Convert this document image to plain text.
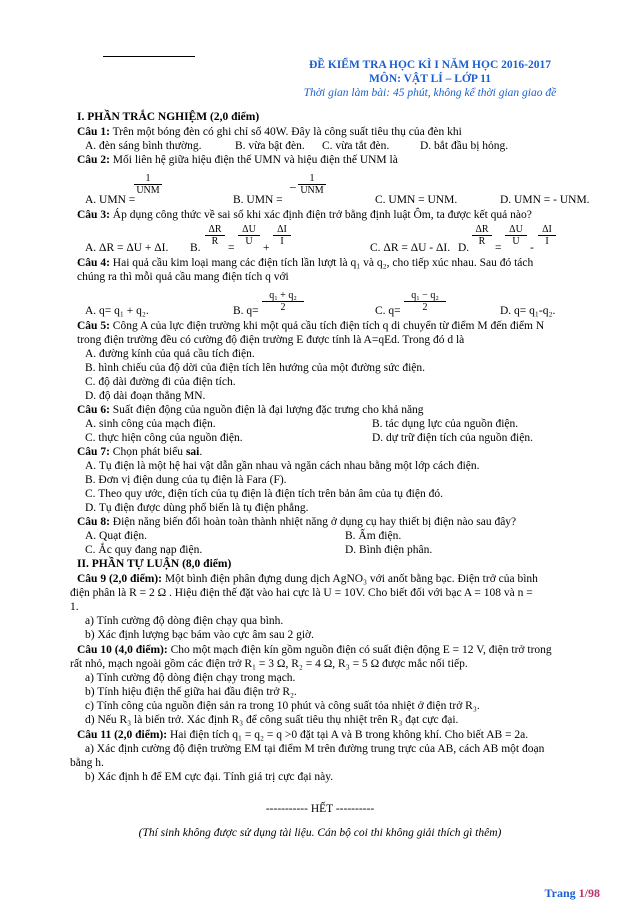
ĐỀ KIỂM TRA HỌC KÌ I NĂM HỌC 2016-2017
MÔN: VẬT LÍ – LỚP 11
Thời gian làm bài: 45 phút, không kể thời gian giao đề
I. PHẦN TRẮC NGHIỆM (2,0 điểm)
Câu 1: Trên một bóng đèn có ghi chỉ số 40W. Đây là công suất tiêu thụ của đèn khi
A. đèn sáng bình thường.	B. vừa bật đèn. C. vừa tắt đèn.	D. bắt đầu bị hỏng.
Câu 2: Mối liên hệ giữa hiệu điện thế UMN và hiệu điện thế UNM là
1
UNM
A. UMN =	B. UMN =
–
1
UNM
C. UMN = UNM.	D. UMN = - UNM.
Câu 3: Áp dụng công thức về sai số khi xác định điện trở bằng định luật Ôm, ta được kết quả nào?
A. ΔR = ΔU + ΔI. B.
$\frac{\Delta R}{R}$
=
$\frac{\Delta U}{U}$
+
$\frac{\Delta I}{I}$
C. ΔR = ΔU - ΔI. D.
$\frac{\Delta R}{R}$
=
$\frac{\Delta U}{U}$
-
$\frac{\Delta I}{I}$
Câu 4: Hai quả cầu kim loại mang các điện tích lần lượt là q₁ và q₂, cho tiếp xúc nhau. Sau đó tách
chúng ra thì mỗi quả cầu mang điện tích q với
A. q= q₁ + q₂.	B. $q= \frac{\text{q₁ + q₂}}{2}$	C. $q= \frac{\text{q₁ − q₂}}{2}$	D. q= q₁-q₂.
Câu 5: Công A của lực điện trường khi một quả cầu tích điện tích q di chuyển từ điểm M đến điểm N
trong điện trường đều có cường độ điện trường E được tính là A=qEd. Trong đó d là
A. đường kính của quả cầu tích điện.
B. hình chiếu của độ dời của điện tích lên hướng của một đường sức điện.
C. độ dài đường đi của điện tích.
D. độ dài đoạn thẳng MN.
Câu 6: Suất điện động của nguồn điện là đại lượng đặc trưng cho khả năng
A. sinh công của mạch điện.	B. tác dụng lực của nguồn điện.
C. thực hiện công của nguồn điện.	D. dự trữ điện tích của nguồn điện.
Câu 7: Chọn phát biểu sai.
A. Tụ điện là một hệ hai vật dẫn gần nhau và ngăn cách nhau bằng một lớp cách điện.
B. Đơn vị điện dung của tụ điện là Fara (F).
C. Theo quy ước, điện tích của tụ điện là điện tích trên bản âm của tụ điện đó.
D. Tụ điện được dùng phổ biến là tụ điện phẳng.
Câu 8: Điện năng biến đổi hoàn toàn thành nhiệt năng ở dụng cụ hay thiết bị điện nào sau đây?
A. Quạt điện.	B. Ấm điện.
C. Ắc quy đang nạp điện.	D. Bình điện phân.
II. PHẦN TỰ LUẬN (8,0 điểm)
Câu 9 (2,0 điểm): Một bình điện phân đựng dung dịch AgNO₃ với anốt bằng bạc. Điện trở của bình
điện phân là R = 2 Ω . Hiệu điện thế đặt vào hai cực là U = 10V. Cho biết đối với bạc A = 108 và n =
1.
a) Tính cường độ dòng điện chạy qua bình.
b) Xác định lượng bạc bám vào cực âm sau 2 giờ.
Câu 10 (4,0 điểm): Cho một mạch điện kín gồm nguồn điện có suất điện động E = 12 V, điện trở trong
rất nhỏ, mạch ngoài gồm các điện trở R₁ = 3 Ω, R₂ = 4 Ω, R₃ = 5 Ω được mắc nối tiếp.
a) Tính cường độ dòng điện chạy trong mạch.
b) Tính hiệu điện thế giữa hai đầu điện trở R₂.
c) Tính công của nguồn điện sản ra trong 10 phút và công suất tỏa nhiệt ở điện trở R₃.
d) Nếu R₃ là biến trở. Xác định R₃ để công suất tiêu thụ nhiệt trên R₃ đạt cực đại.
Câu 11 (2,0 điểm): Hai điện tích q₁ = q₂ = q >0 đặt tại A và B trong không khí. Cho biết AB = 2a.
a) Xác định cường độ điện trường EM tại điểm M trên đường trung trực của AB, cách AB một đoạn
bằng h.
b) Xác định h để EM cực đại. Tính giá trị cực đại này.
----------- HẾT ----------
(Thí sinh không được sử dụng tài liệu. Cán bộ coi thi không giải thích gì thêm)
Trang 1/98
